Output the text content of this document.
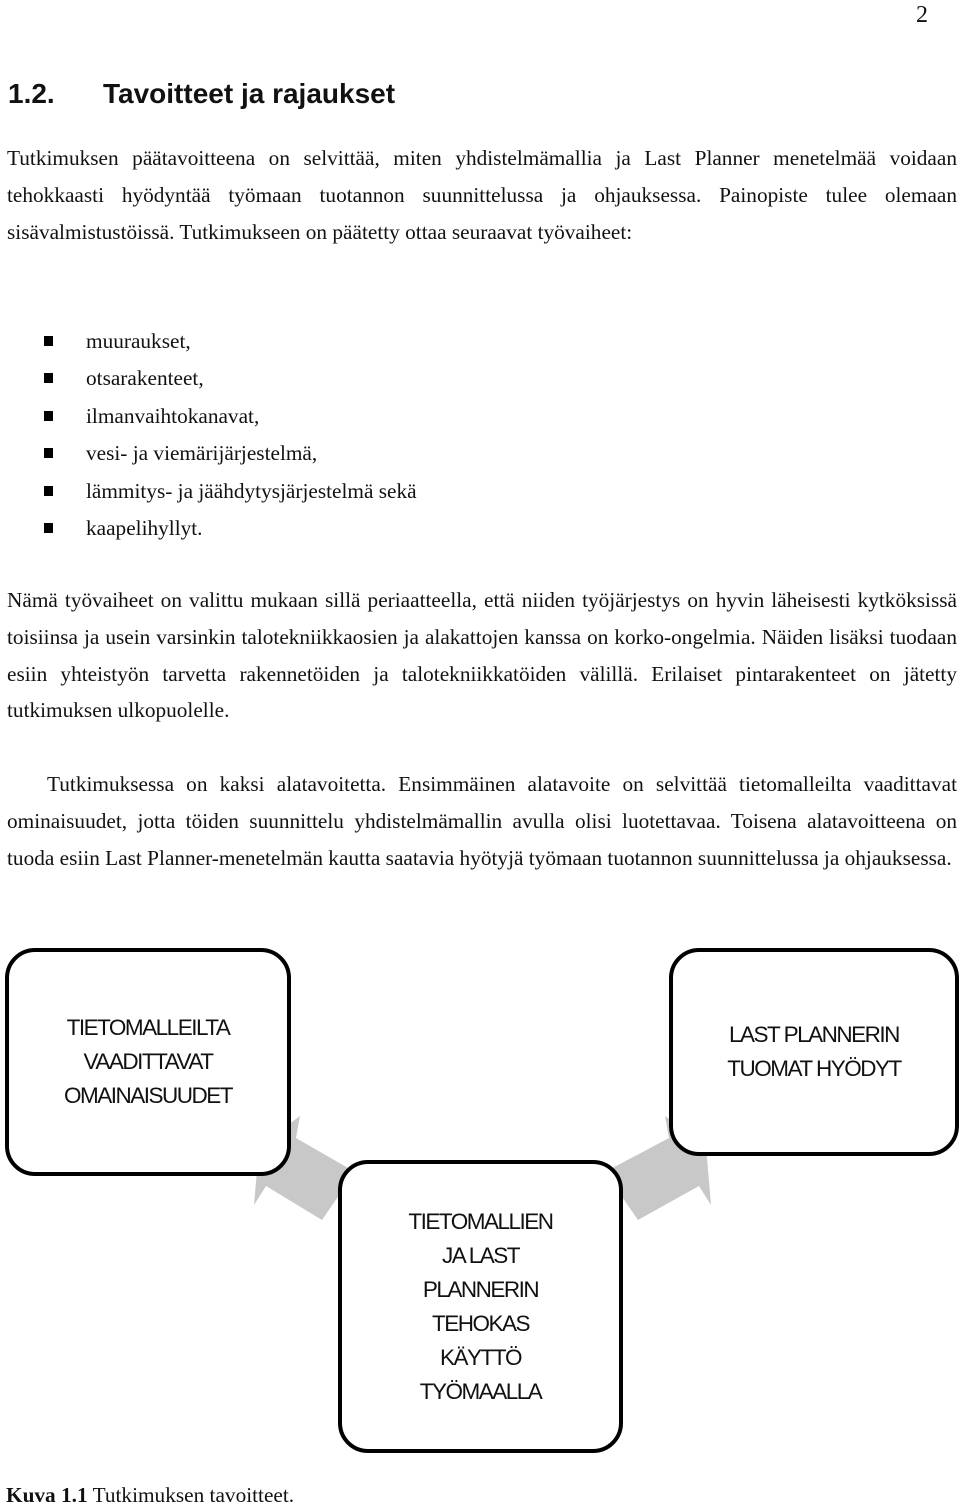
2
1.2. Tavoitteet ja rajaukset

Tutkimuksen päätavoitteena on selvittää, miten yhdistelmämallia ja Last Planner menetelmää voidaan tehokkaasti hyödyntää työmaan tuotannon suunnittelussa ja ohjauksessa. Painopiste tulee olemaan sisävalmistustöissä. Tutkimukseen on päätetty ottaa seuraavat työvaiheet:

muuraukset,
otsarakenteet,
ilmanvaihtokanavat,
vesi- ja viemärijärjestelmä,
lämmitys- ja jäähdytysjärjestelmä sekä
kaapelihyllyt.

Nämä työvaiheet on valittu mukaan sillä periaatteella, että niiden työjärjestys on hyvin läheisesti kytköksissä toisiinsa ja usein varsinkin talotekniikkaosien ja alakattojen kanssa on korko-ongelmia. Näiden lisäksi tuodaan esiin yhteistyön tarvetta rakennetöiden ja talotekniikkatöiden välillä. Erilaiset pintarakenteet on jätetty tutkimuksen ulkopuolelle.

Tutkimuksessa on kaksi alatavoitetta. Ensimmäinen alatavoite on selvittää tietomalleilta vaadittavat ominaisuudet, jotta töiden suunnittelu yhdistelmämallin avulla olisi luotettavaa. Toisena alatavoitteena on tuoda esiin Last Planner-menetelmän kautta saatavia hyötyjä työmaan tuotannon suunnittelussa ja ohjauksessa.

TIETOMALLEILTA
VAADITTAVAT
OMAINAISUUDET
LAST PLANNERIN
TUOMAT HYÖDYT
TIETOMALLIEN
JA LAST
PLANNERIN
TEHOKAS
KÄYTTÖ
TYÖMAALLA
Kuva 1.1 Tutkimuksen tavoitteet.
